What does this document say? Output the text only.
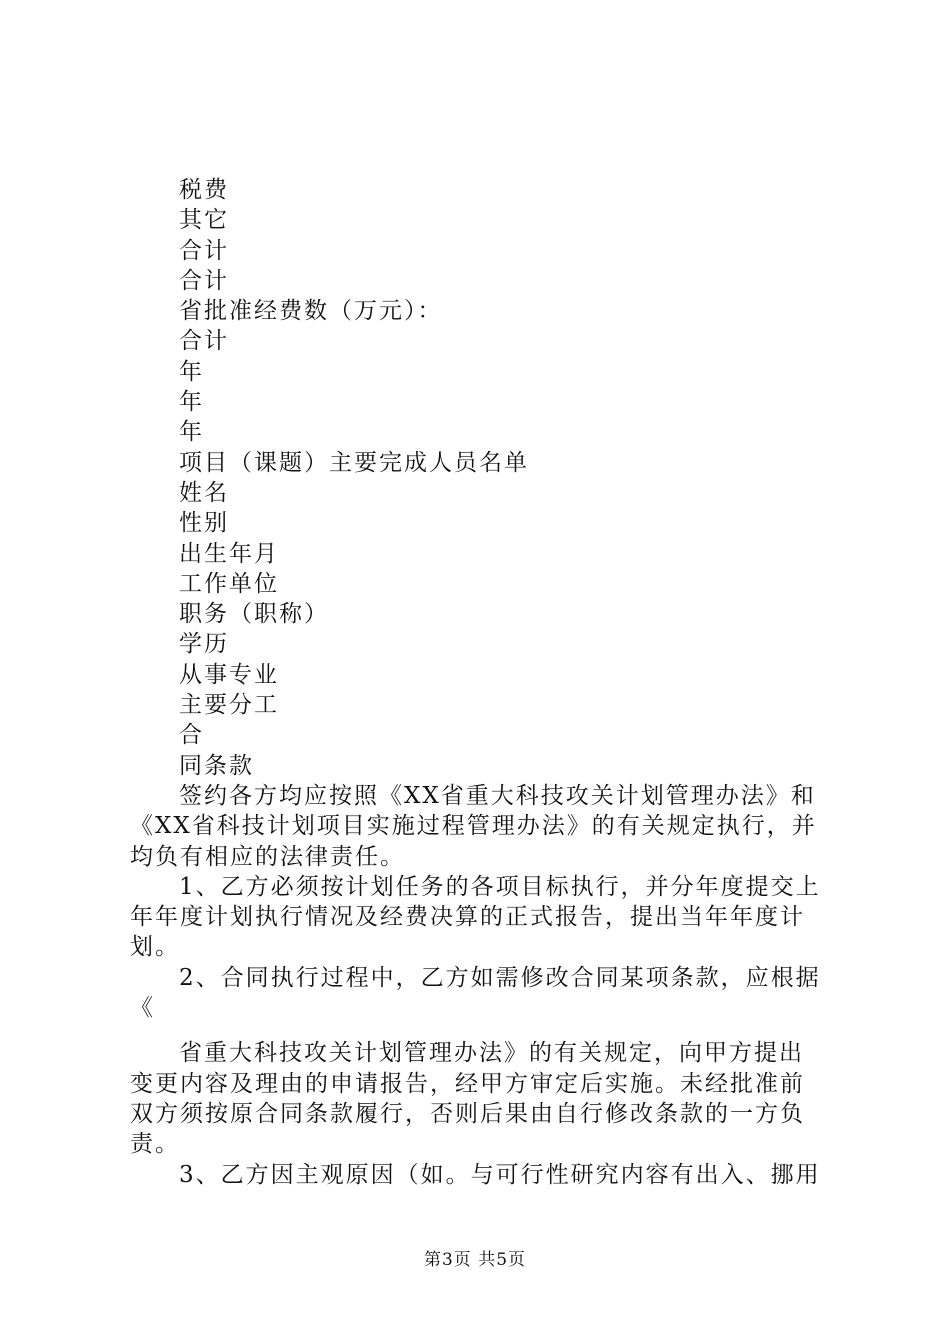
税费
其它
合计
合计
省批准经费数（万元）：
合计
年
年
年
项目（课题）主要完成人员名单
姓名
性别
出生年月
工作单位
职务（职称）
学历
从事专业
主要分工
合
同条款
签约各方均应按照《XX省重大科技攻关计划管理办法》和
《XX省科技计划项目实施过程管理办法》的有关规定执行，并
均负有相应的法律责任。
1、乙方必须按计划任务的各项目标执行，并分年度提交上
年年度计划执行情况及经费决算的正式报告，提出当年年度计
划。
2、合同执行过程中，乙方如需修改合同某项条款，应根据
《
省重大科技攻关计划管理办法》的有关规定，向甲方提出
变更内容及理由的申请报告，经甲方审定后实施。未经批准前
双方须按原合同条款履行，否则后果由自行修改条款的一方负
责。
3、乙方因主观原因（如。与可行性研究内容有出入、挪用
第3页 共5页
